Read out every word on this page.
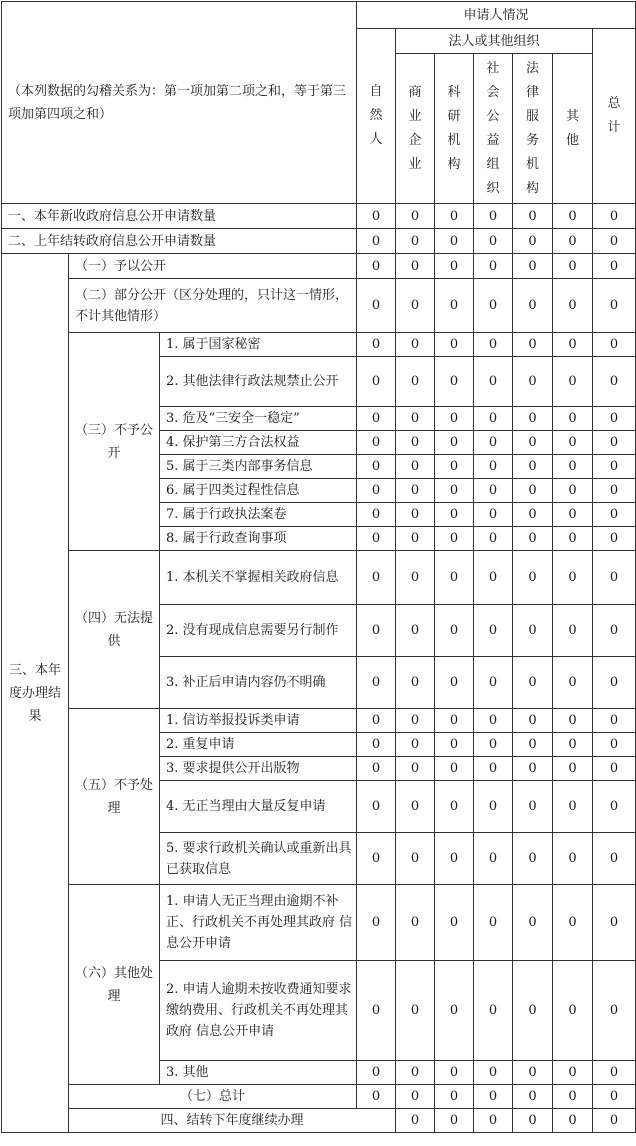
（本列数据的勾稽关系为：第一项加第二项之和，等于第三项加第四项之和）			申请人情况							

			自然人	法人或其他组织					总计	

				商业企业	科研机构	社会公益组织	法律服务机构	其他		

一、本年新收政府信息公开申请数量			0	0	0	0	0	0	0	
二、上年结转政府信息公开申请数量			0	0	0	0	0	0	0	
三、本年度办理结果	（一）予以公开		0	0	0	0	0	0	0	
	（二）部分公开（区分处理的，只计这一情形，不计其他情形）		0	0	0	0	0	0	0	
	（三）不予公开	1. 属于国家秘密	0	0	0	0	0	0	0	
		2. 其他法律行政法规禁止公开	0	0	0	0	0	0	0	
		3. 危及“三安全一稳定”	0	0	0	0	0	0	0	
		4. 保护第三方合法权益	0	0	0	0	0	0	0	
		5. 属于三类内部事务信息	0	0	0	0	0	0	0	
		6. 属于四类过程性信息	0	0	0	0	0	0	0	
		7. 属于行政执法案卷	0	0	0	0	0	0	0	
		8. 属于行政查询事项	0	0	0	0	0	0	0	
	（四）无法提供	1. 本机关不掌握相关政府信息	0	0	0	0	0	0	0	
		2. 没有现成信息需要另行制作	0	0	0	0	0	0	0	
		3. 补正后申请内容仍不明确	0	0	0	0	0	0	0	
	（五）不予处理	1. 信访举报投诉类申请	0	0	0	0	0	0	0	
		2. 重复申请	0	0	0	0	0	0	0	
		3. 要求提供公开出版物	0	0	0	0	0	0	0	
		4. 无正当理由大量反复申请	0	0	0	0	0	0	0	
		5. 要求行政机关确认或重新出具已获取信息	0	0	0	0	0	0	0	
	（六）其他处理	1. 申请人无正当理由逾期不补正、行政机关不再处理其政府 信息公开申请	0	0	0	0	0	0	0	
		2. 申请人逾期未按收费通知要求缴纳费用、行政机关不再处理其政府 信息公开申请	0	0	0	0	0	0	0	
		3. 其他	0	0	0	0	0	0	0	
	（七）总计		0	0	0	0	0	0	0	
	四、结转下年度继续办理			0	0	0	0	0	0	
